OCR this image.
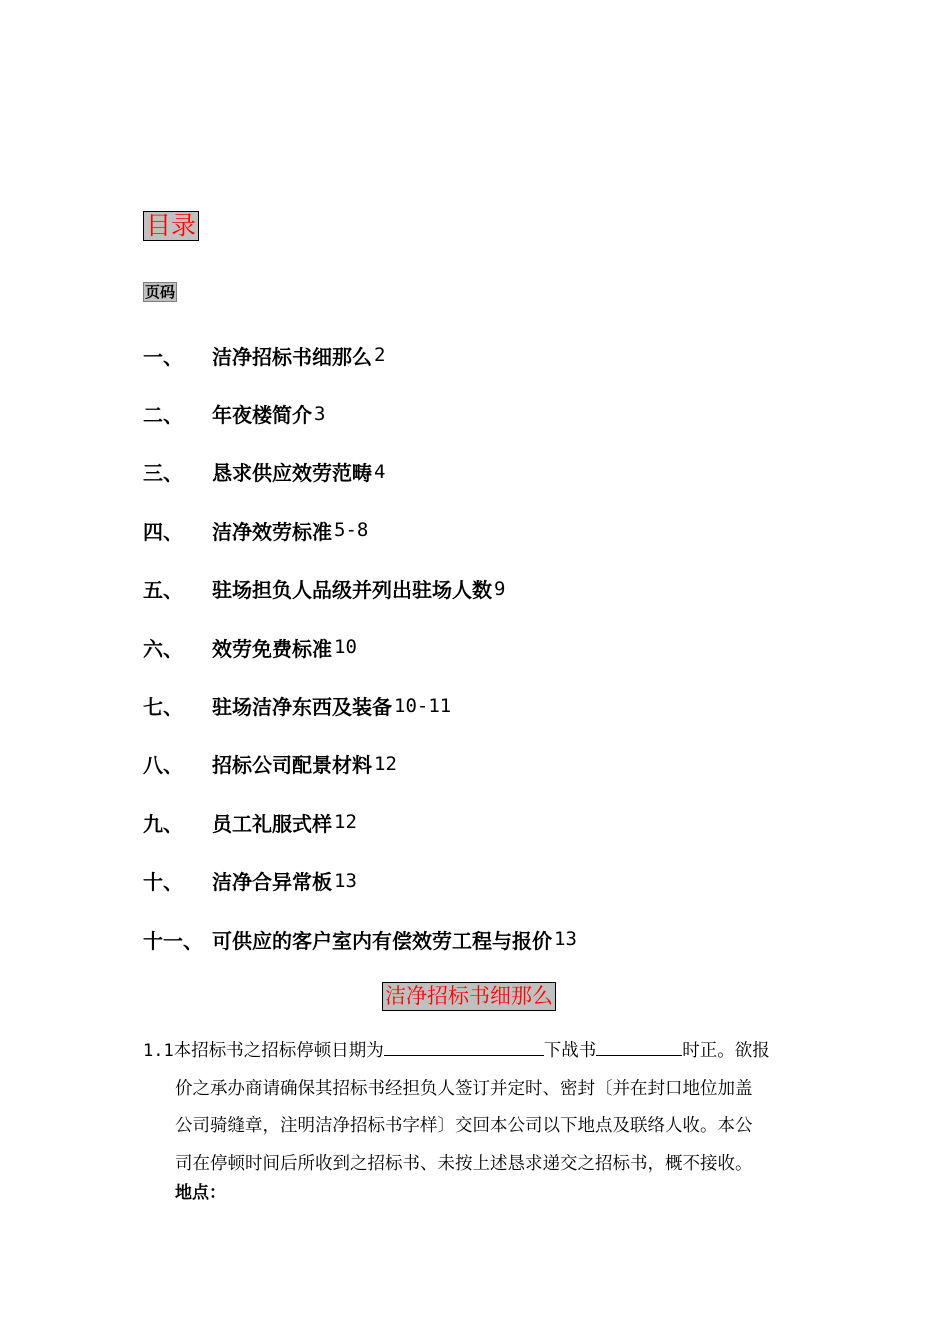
目录
页码
一、	洁净招标书细那么 2
二、	年夜楼简介 3
三、	恳求供应效劳范畴 4
四、	洁净效劳标准 5-8
五、	驻场担负人品级并列出驻场人数 9
六、	效劳免费标准 10
七、	驻场洁净东西及装备 10-11
八、	招标公司配景材料 12
九、	员工礼服式样 12
十、	洁净合异常板 13
十一、 可供应的客户室内有偿效劳工程与报价 13
洁净招标书细那么
1.1本招标书之招标停顿日期为	下战书	时正。欲报
价之承办商请确保其招标书经担负人签订并定时、密封〔并在封口地位加盖
公司骑缝章，注明洁净招标书字样〕交回本公司以下地点及联络人收。本公
司在停顿时间后所收到之招标书、未按上述恳求递交之招标书，概不接收。
地点：
